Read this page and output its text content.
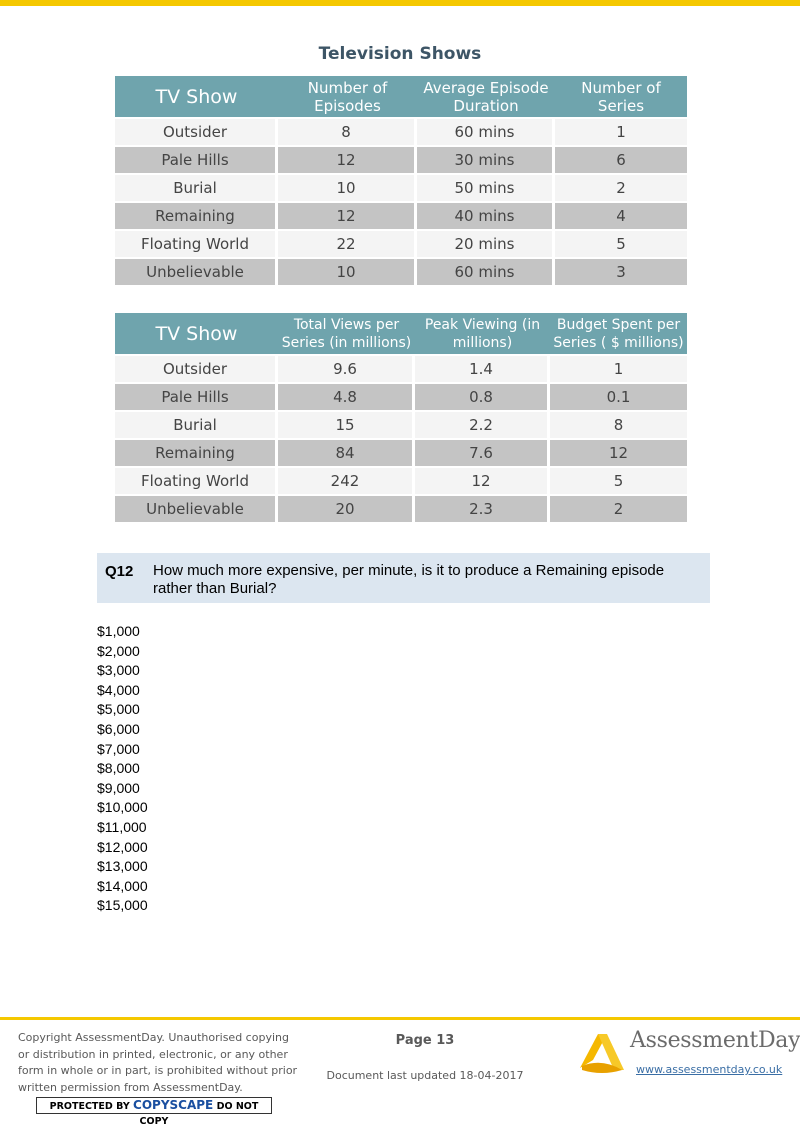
Television Shows
TV Show	Number of Episodes	Average Episode Duration	Number of Series
Outsider	8	60 mins	1
Pale Hills	12	30 mins	6
Burial	10	50 mins	2
Remaining	12	40 mins	4
Floating World	22	20 mins	5
Unbelievable	10	60 mins	3
TV Show	Total Views per Series (in millions)	Peak Viewing (in millions)	Budget Spent per Series ( $ millions)
Outsider	9.6	1.4	1
Pale Hills	4.8	0.8	0.1
Burial	15	2.2	8
Remaining	84	7.6	12
Floating World	242	12	5
Unbelievable	20	2.3	2
Q12 How much more expensive, per minute, is it to produce a Remaining episode rather than Burial?
$1,000
$2,000
$3,000
$4,000
$5,000
$6,000
$7,000
$8,000
$9,000
$10,000
$11,000
$12,000
$13,000
$14,000
$15,000
Copyright AssessmentDay. Unauthorised copying or distribution in printed, electronic, or any other form in whole or in part, is prohibited without prior written permission from AssessmentDay.
PROTECTED BY COPYSCAPE DO NOT COPY
Page 13
Document last updated 18-04-2017
AssessmentDay
www.assessmentday.co.uk
